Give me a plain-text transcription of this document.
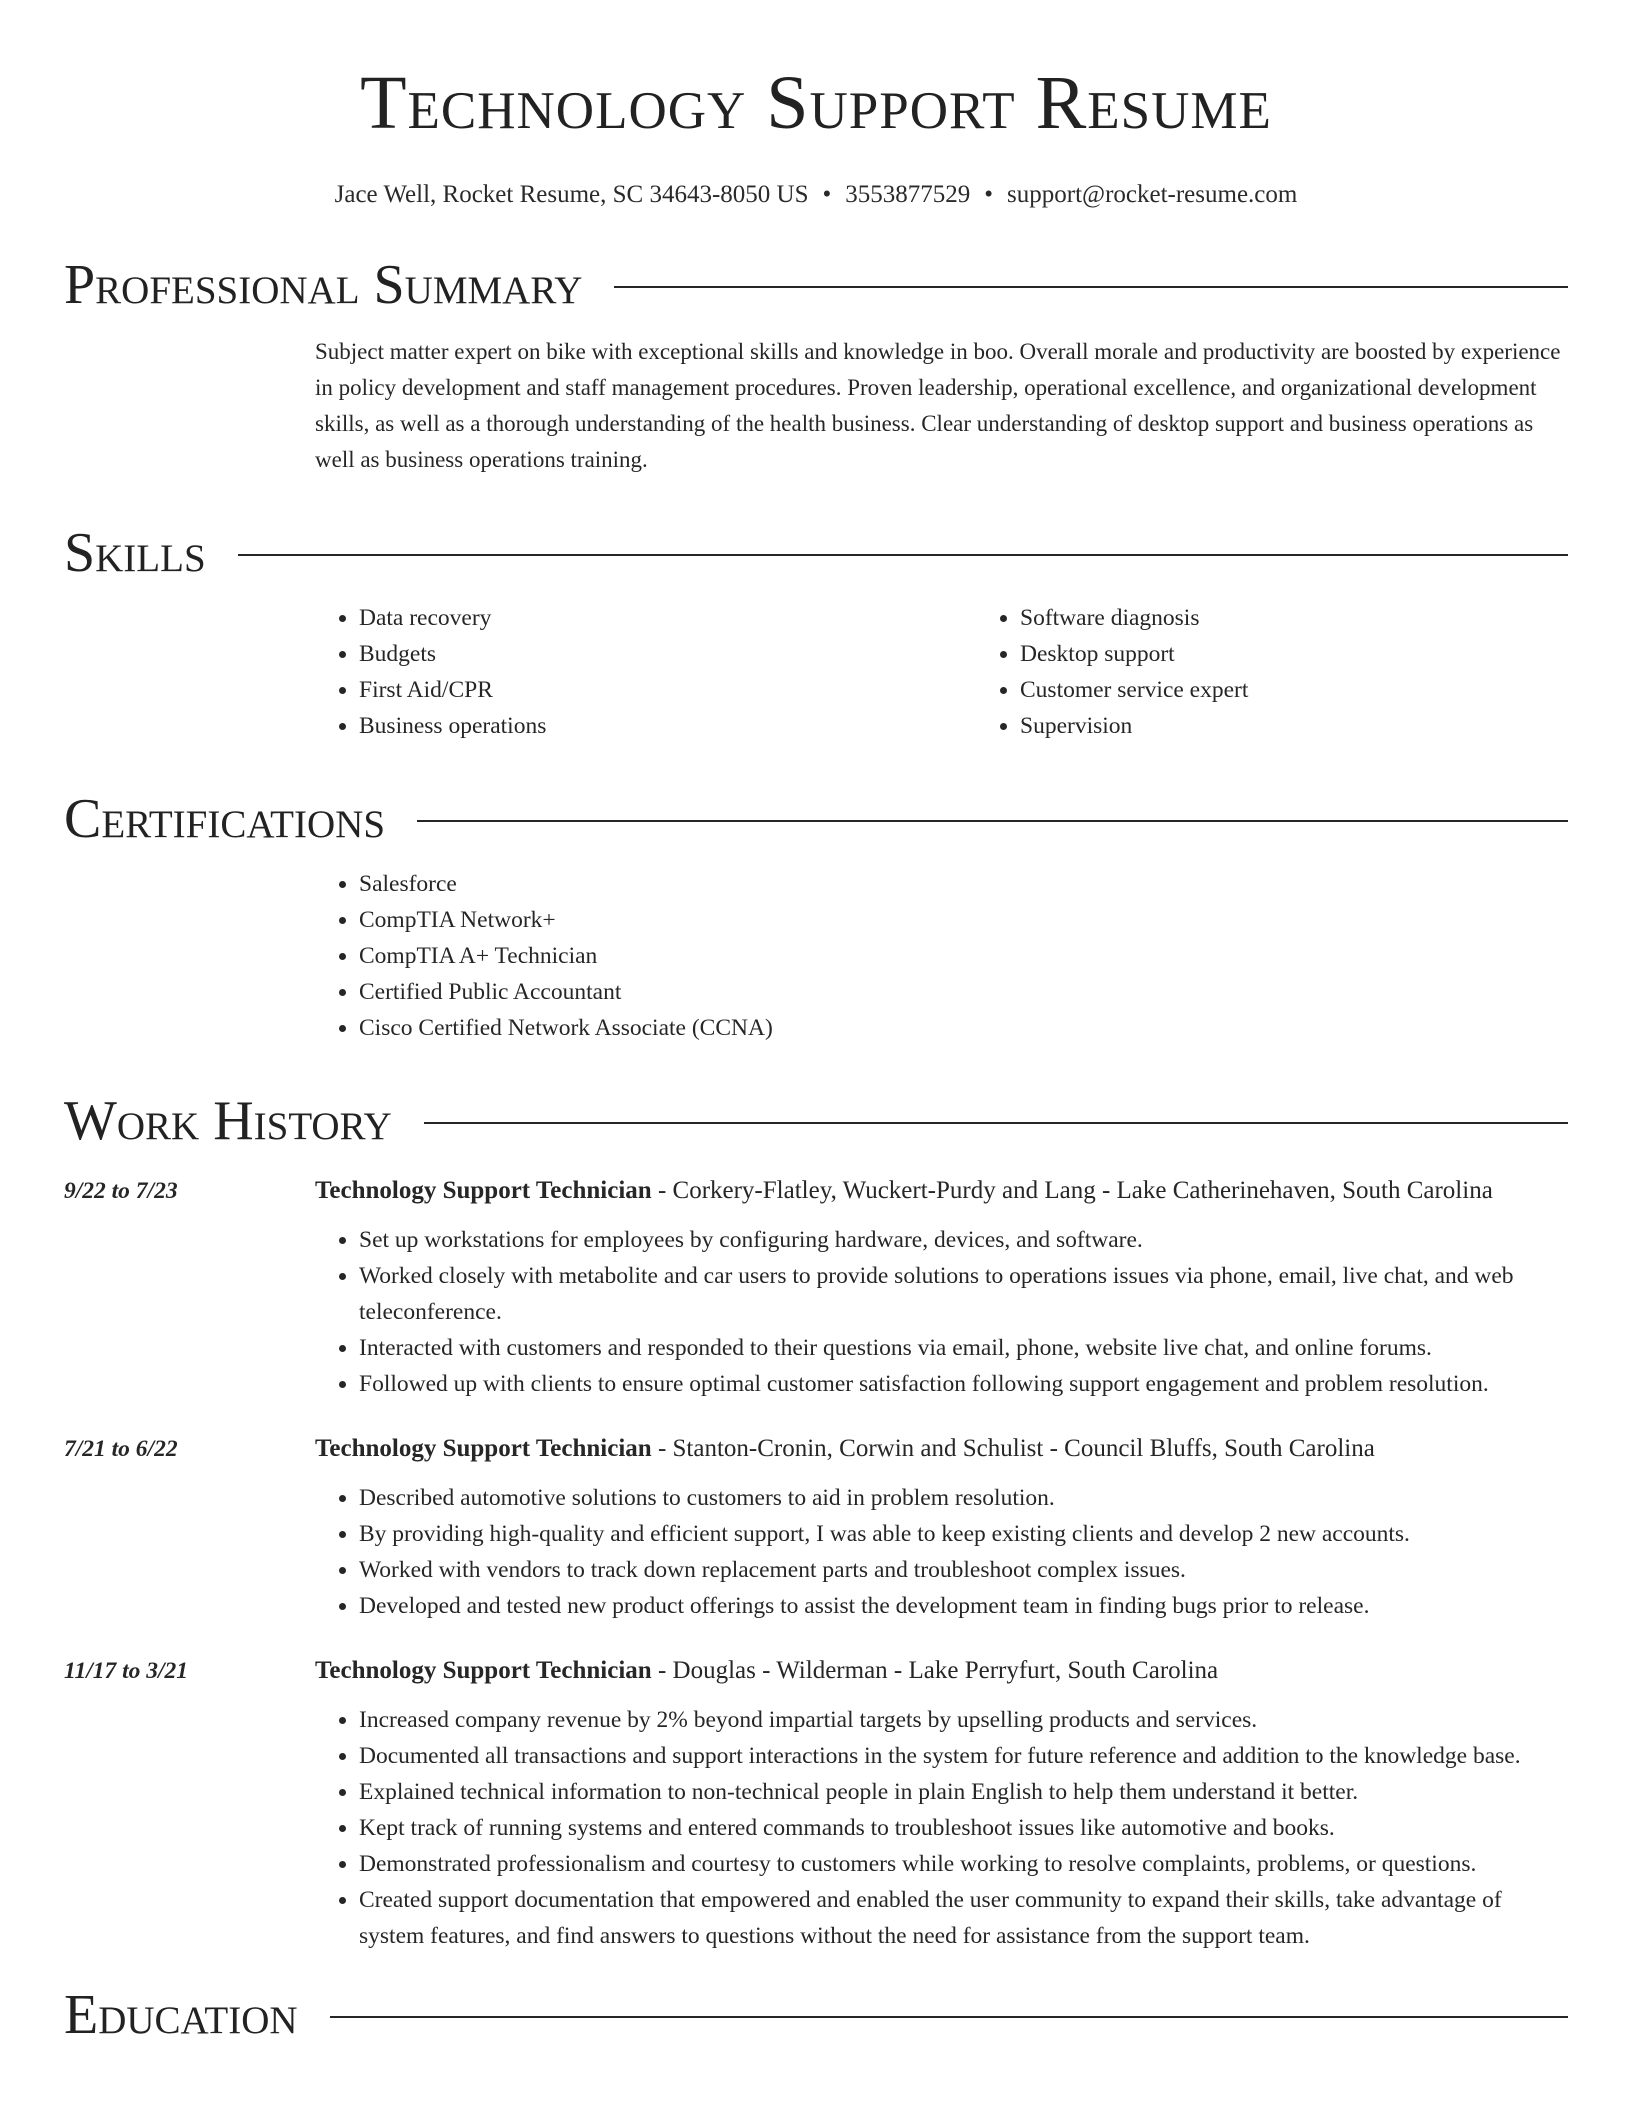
Technology Support Resume
Jace Well, Rocket Resume, SC 34643-8050 US • 3553877529 • support@rocket-resume.com
Professional Summary

Subject matter expert on bike with exceptional skills and knowledge in boo. Overall morale and productivity are boosted by experience in policy development and staff management procedures. Proven leadership, operational excellence, and organizational development skills, as well as a thorough understanding of the health business. Clear understanding of desktop support and business operations as well as business operations training.

Skills
• Data recovery
• Budgets
• First Aid/CPR
• Business operations
• Software diagnosis
• Desktop support
• Customer service expert
• Supervision
Certifications
• Salesforce
• CompTIA Network+
• CompTIA A+ Technician
• Certified Public Accountant
• Cisco Certified Network Associate (CCNA)
Work History
9/22 to 7/23	Technology Support Technician - Corkery-Flatley, Wuckert-Purdy and Lang - Lake Catherinehaven, South Carolina
• Set up workstations for employees by configuring hardware, devices, and software.
• Worked closely with metabolite and car users to provide solutions to operations issues via phone, email, live chat, and web teleconference.
• Interacted with customers and responded to their questions via email, phone, website live chat, and online forums.
• Followed up with clients to ensure optimal customer satisfaction following support engagement and problem resolution.
7/21 to 6/22	Technology Support Technician - Stanton-Cronin, Corwin and Schulist - Council Bluffs, South Carolina
• Described automotive solutions to customers to aid in problem resolution.
• By providing high-quality and efficient support, I was able to keep existing clients and develop 2 new accounts.
• Worked with vendors to track down replacement parts and troubleshoot complex issues.
• Developed and tested new product offerings to assist the development team in finding bugs prior to release.
11/17 to 3/21	Technology Support Technician - Douglas - Wilderman - Lake Perryfurt, South Carolina
• Increased company revenue by 2% beyond impartial targets by upselling products and services.
• Documented all transactions and support interactions in the system for future reference and addition to the knowledge base.
• Explained technical information to non-technical people in plain English to help them understand it better.
• Kept track of running systems and entered commands to troubleshoot issues like automotive and books.
• Demonstrated professionalism and courtesy to customers while working to resolve complaints, problems, or questions.
• Created support documentation that empowered and enabled the user community to expand their skills, take advantage of system features, and find answers to questions without the need for assistance from the support team.
Education
